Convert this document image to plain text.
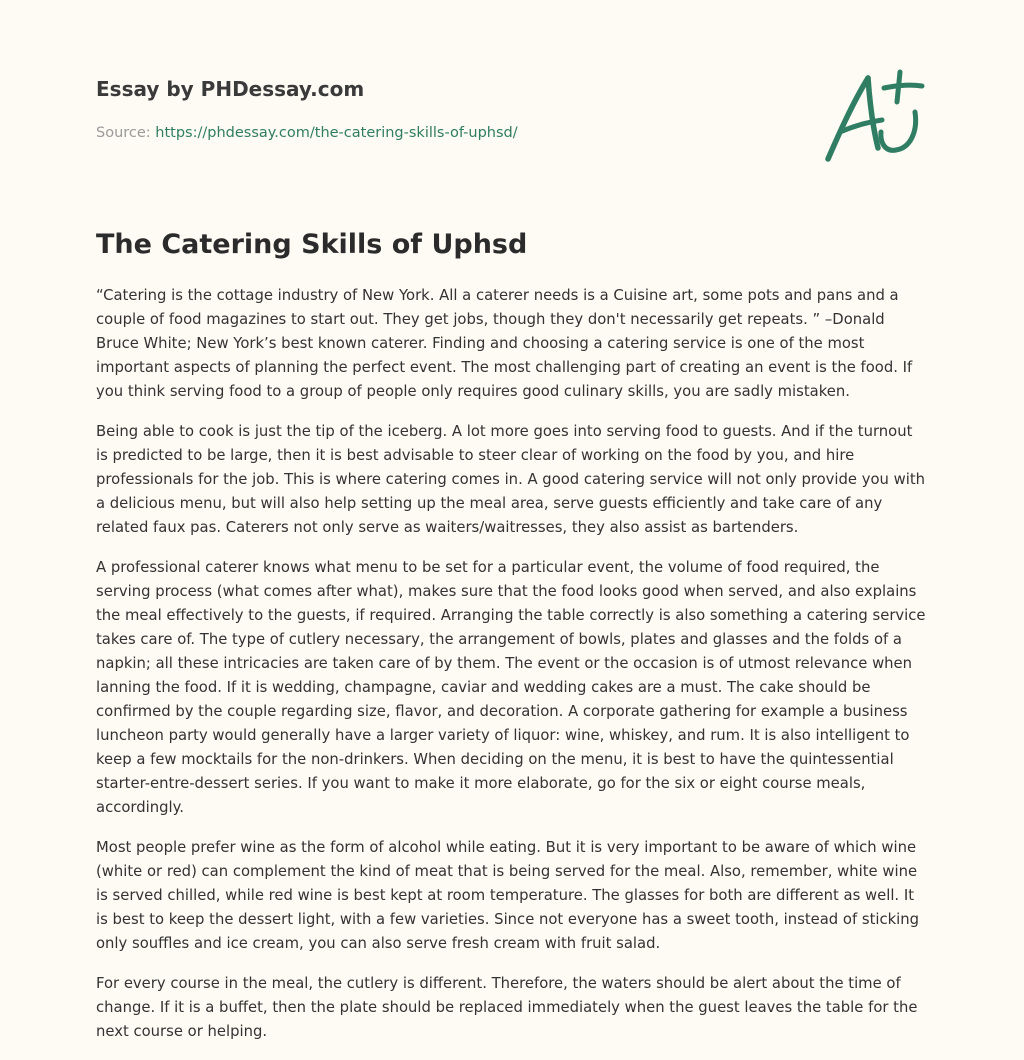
Essay by PHDessay.com
Source: https://phdessay.com/the-catering-skills-of-uphsd/
The Catering Skills of Uphsd

“Catering is the cottage industry of New York. All a caterer needs is a Cuisine art, some pots and pans and a couple of food magazines to start out. They get jobs, though they don't necessarily get repeats. ” –Donald Bruce White; New York’s best known caterer. Finding and choosing a catering service is one of the most important aspects of planning the perfect event. The most challenging part of creating an event is the food. If you think serving food to a group of people only requires good culinary skills, you are sadly mistaken.

Being able to cook is just the tip of the iceberg. A lot more goes into serving food to guests. And if the turnout is predicted to be large, then it is best advisable to steer clear of working on the food by you, and hire professionals for the job. This is where catering comes in. A good catering service will not only provide you with a delicious menu, but will also help setting up the meal area, serve guests efficiently and take care of any related faux pas. Caterers not only serve as waiters/waitresses, they also assist as bartenders.

A professional caterer knows what menu to be set for a particular event, the volume of food required, the serving process (what comes after what), makes sure that the food looks good when served, and also explains the meal effectively to the guests, if required. Arranging the table correctly is also something a catering service takes care of. The type of cutlery necessary, the arrangement of bowls, plates and glasses and the folds of a napkin; all these intricacies are taken care of by them. The event or the occasion is of utmost relevance when lanning the food. If it is wedding, champagne, caviar and wedding cakes are a must. The cake should be confirmed by the couple regarding size, flavor, and decoration. A corporate gathering for example a business luncheon party would generally have a larger variety of liquor: wine, whiskey, and rum. It is also intelligent to keep a few mocktails for the non-drinkers. When deciding on the menu, it is best to have the quintessential starter-entre-dessert series. If you want to make it more elaborate, go for the six or eight course meals, accordingly.

Most people prefer wine as the form of alcohol while eating. But it is very important to be aware of which wine (white or red) can complement the kind of meat that is being served for the meal. Also, remember, white wine is served chilled, while red wine is best kept at room temperature. The glasses for both are different as well. It is best to keep the dessert light, with a few varieties. Since not everyone has a sweet tooth, instead of sticking only souffles and ice cream, you can also serve fresh cream with fruit salad.

For every course in the meal, the cutlery is different. Therefore, the waters should be alert about the time of change. If it is a buffet, then the plate should be replaced immediately when the guest leaves the table for the next course or helping.
